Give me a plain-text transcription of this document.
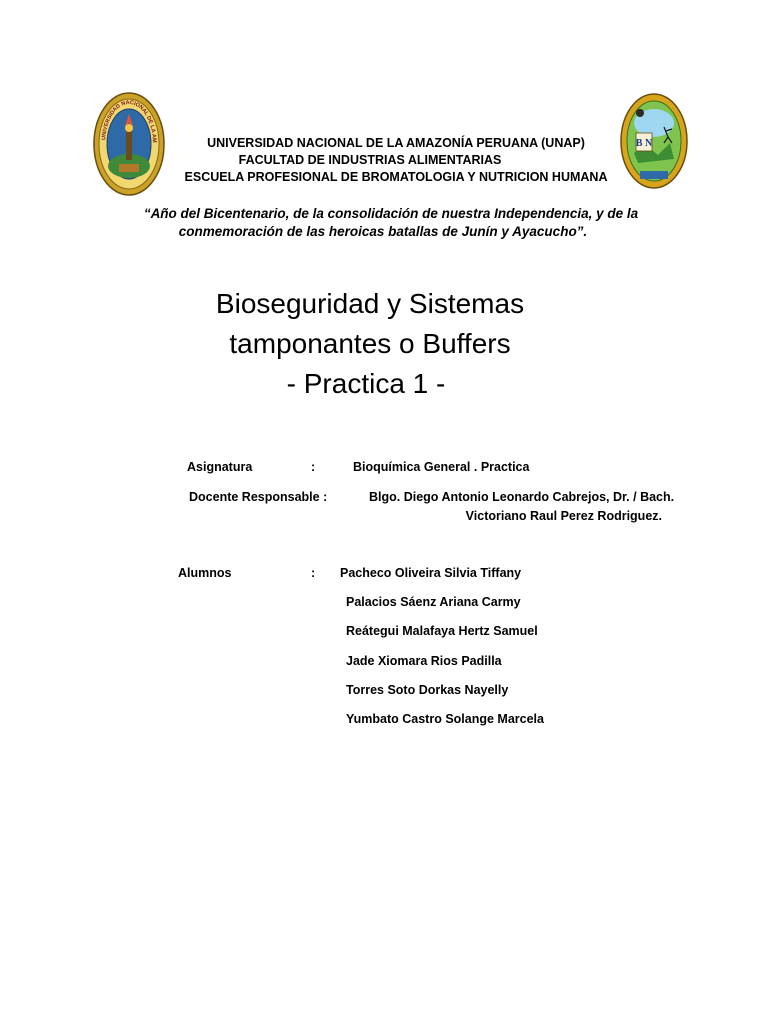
UNIVERSIDAD NACIONAL DE LA AMAZONÍA PERUANA
B N
UNIVERSIDAD NACIONAL DE LA AMAZONÍA PERUANA (UNAP)
FACULTAD DE INDUSTRIAS ALIMENTARIAS
ESCUELA PROFESIONAL DE BROMATOLOGIA Y NUTRICION HUMANA
“Año del Bicentenario, de la consolidación de nuestra Independencia, y de la
conmemoración de las heroicas batallas de Junín y Ayacucho”.
Bioseguridad y Sistemas
tamponantes o Buffers
- Practica 1 -
Asignatura	:	Bioquímica General . Practica
Docente Responsable :	Blgo. Diego Antonio Leonardo Cabrejos, Dr. / Bach.
Victoriano Raul Perez Rodriguez.
Alumnos	: Pacheco Oliveira Silvia Tiffany
Palacios Sáenz Ariana Carmy
Reátegui Malafaya Hertz Samuel
Jade Xiomara Rios Padilla
Torres Soto Dorkas Nayelly
Yumbato Castro Solange Marcela
